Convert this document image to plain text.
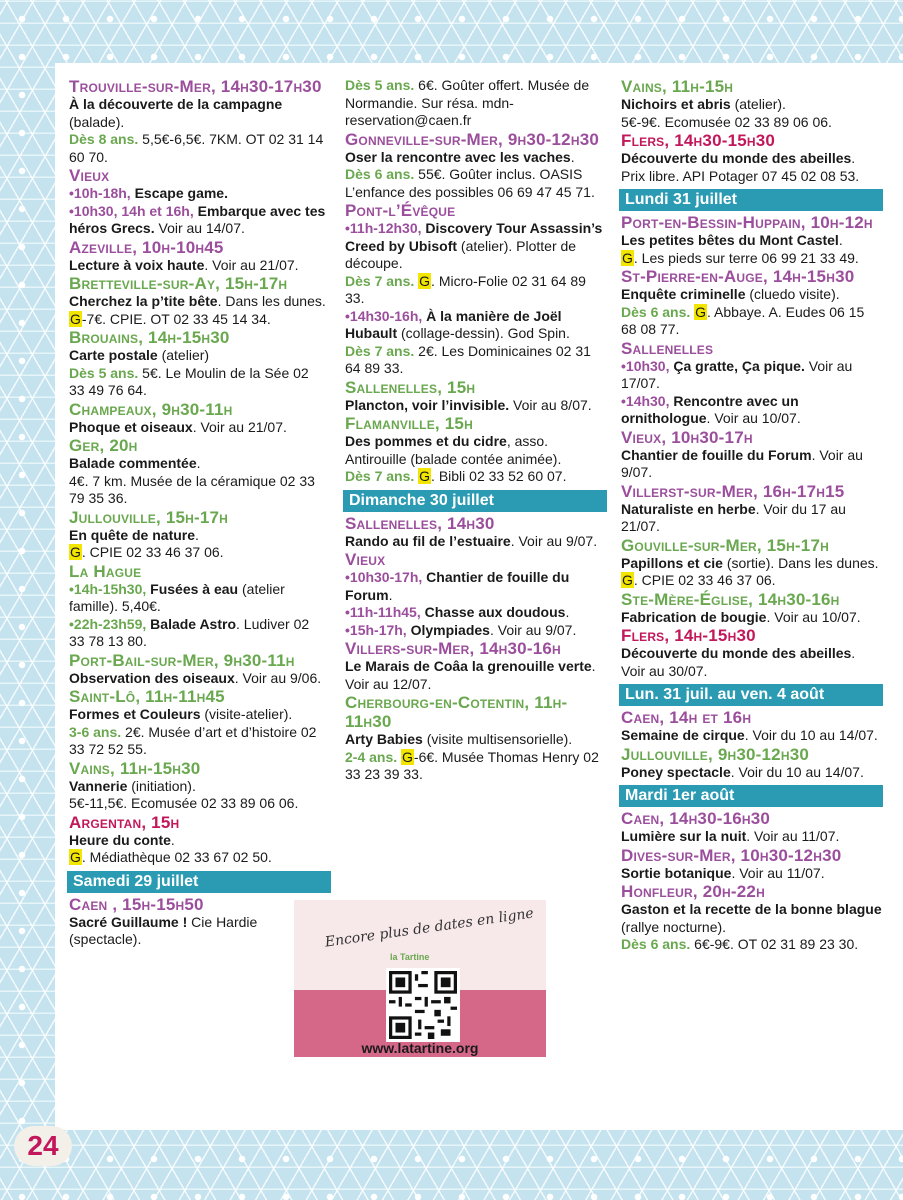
Trouville-sur-Mer, 14h30-17h30
À la découverte de la campagne (balade).
Dès 8 ans. 5,5€-6,5€. 7KM. OT 02 31 14 60 70.
Vieux
•10h-18h, Escape game.
•10h30, 14h et 16h, Embarque avec tes héros Grecs. Voir au 14/07.
Azeville, 10h-10h45
Lecture à voix haute. Voir au 21/07.
Bretteville-sur-Ay, 15h-17h
Cherchez la p’tite bête. Dans les dunes.
G-7€. CPIE. OT 02 33 45 14 34.
Brouains, 14h-15h30
Carte postale (atelier)
Dès 5 ans. 5€. Le Moulin de la Sée 02 33 49 76 64.
Champeaux, 9h30-11h
Phoque et oiseaux. Voir au 21/07.
Ger, 20h
Balade commentée.
4€. 7 km. Musée de la céramique 02 33 79 35 36.
Jullouville, 15h-17h
En quête de nature.
G. CPIE 02 33 46 37 06.
La Hague
•14h-15h30, Fusées à eau (atelier famille). 5,40€.
•22h-23h59, Balade Astro. Ludiver 02 33 78 13 80.
Port-Bail-sur-Mer, 9h30-11h
Observation des oiseaux. Voir au 9/06.
Saint-Lô, 11h-11h45
Formes et Couleurs (visite-atelier).
3-6 ans. 2€. Musée d’art et d’histoire 02 33 72 52 55.
Vains, 11h-15h30
Vannerie (initiation).
5€-11,5€. Ecomusée 02 33 89 06 06.
Argentan, 15h
Heure du conte.
G. Médiathèque 02 33 67 02 50.
Samedi 29 juillet
Caen , 15h-15h50
Sacré Guillaume ! Cie Hardie (spectacle).
Dès 5 ans. 6€. Goûter offert. Musée de Normandie. Sur résa. mdn-reservation@caen.fr
Gonneville-sur-Mer, 9h30-12h30
Oser la rencontre avec les vaches.
Dès 6 ans. 55€. Goûter inclus. OASIS L’enfance des possibles 06 69 47 45 71.
Pont-l’Évêque
•11h-12h30, Discovery Tour Assassin’s Creed by Ubisoft (atelier). Plotter de découpe.
Dès 7 ans. G. Micro-Folie 02 31 64 89 33.
•14h30-16h, À la manière de Joël Hubault (collage-dessin). God Spin.
Dès 7 ans. 2€. Les Dominicaines 02 31 64 89 33.
Sallenelles, 15h
Plancton, voir l’invisible. Voir au 8/07.
Flamanville, 15h
Des pommes et du cidre, asso. Antirouille (balade contée animée).
Dès 7 ans. G. Bibli 02 33 52 60 07.
Dimanche 30 juillet
Sallenelles, 14h30
Rando au fil de l’estuaire. Voir au 9/07.
Vieux
•10h30-17h, Chantier de fouille du Forum.
•11h-11h45, Chasse aux doudous.
•15h-17h, Olympiades. Voir au 9/07.
Villers-sur-Mer, 14h30-16h
Le Marais de Coâa la grenouille verte. Voir au 12/07.
Cherbourg-en-Cotentin, 11h-11h30
Arty Babies (visite multisensorielle).
2-4 ans. G-6€. Musée Thomas Henry 02 33 23 39 33.
Vains, 11h-15h
Nichoirs et abris (atelier).
5€-9€. Ecomusée 02 33 89 06 06.
Flers, 14h30-15h30
Découverte du monde des abeilles. Prix libre. API Potager 07 45 02 08 53.
Lundi 31 juillet
Port-en-Bessin-Huppain, 10h-12h
Les petites bêtes du Mont Castel.
G. Les pieds sur terre 06 99 21 33 49.
St-Pierre-en-Auge, 14h-15h30
Enquête criminelle (cluedo visite).
Dès 6 ans. G. Abbaye. A. Eudes 06 15 68 08 77.
Sallenelles
•10h30, Ça gratte, Ça pique. Voir au 17/07.
•14h30, Rencontre avec un ornithologue. Voir au 10/07.
Vieux, 10h30-17h
Chantier de fouille du Forum. Voir au 9/07.
Villerst-sur-Mer, 16h-17h15
Naturaliste en herbe. Voir du 17 au 21/07.
Gouville-sur-Mer, 15h-17h
Papillons et cie (sortie). Dans les dunes.
G. CPIE 02 33 46 37 06.
Ste-Mère-Église, 14h30-16h
Fabrication de bougie. Voir au 10/07.
Flers, 14h-15h30
Découverte du monde des abeilles. Voir au 30/07.
Lun. 31 juil. au ven. 4 août
Caen, 14h et 16h
Semaine de cirque. Voir du 10 au 14/07.
Jullouville, 9h30-12h30
Poney spectacle. Voir du 10 au 14/07.
Mardi 1er août
Caen, 14h30-16h30
Lumière sur la nuit. Voir au 11/07.
Dives-sur-Mer, 10h30-12h30
Sortie botanique. Voir au 11/07.
Honfleur, 20h-22h
Gaston et la recette de la bonne blague (rallye nocturne).
Dès 6 ans. 6€-9€. OT 02 31 89 23 30.
Encore plus de dates en ligne
la Tartine
www.latartine.org
24
